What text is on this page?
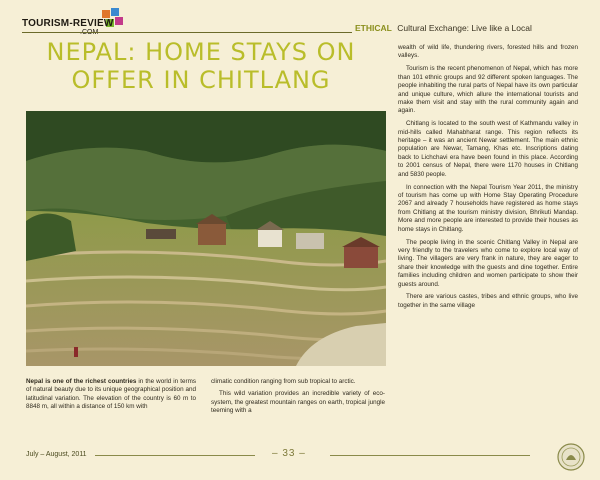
TOURISM-REVIEW	ETHICAL Cultural Exchange: Live like a Local
NEPAL: HOME STAYS ON OFFER IN CHITLANG

Nepal is one of the richest countries in the world in terms of natural beauty due to its unique geographical position and latitudinal variation. The elevation of the country is 60 m to 8848 m, all within a distance of 150 km with

climatic condition ranging from sub tropical to arctic.

This wild variation provides an incredible variety of eco-system, the greatest mountain ranges on earth, tropical jungle teeming with a

wealth of wild life, thundering rivers, forested hills and frozen valleys.

Tourism is the recent phenomenon of Nepal, which has more than 101 ethnic groups and 92 different spoken languages. The people inhabiting the rural parts of Nepal have its own particular and unique culture, which allure the international tourists and make them visit and stay with the rural community again and again.

Chitlang is located to the south west of Kathmandu valley in mid-hills called Mahabharat range. This region reflects its heritage – it was an ancient Newar settlement. The main ethnic population are Newar, Tamang, Khas etc. Inscriptions dating back to Lichchavi era have been found in this place. According to 2001 census of Nepal, there were 1170 houses in Chitlang and 5830 people.

In connection with the Nepal Tourism Year 2011, the ministry of tourism has come up with Home Stay Operating Procedure 2067 and already 7 households have registered as home stays from Chitlang at the tourism ministry division, Bhrikuti Mandap. More and more people are interested to provide their houses as home stays in Chitlang.

The people living in the scenic Chitlang Valley in Nepal are very friendly to the travelers who come to explore local way of living. The villagers are very frank in nature, they are eager to share their knowledge with the guests and dine together. Entire families including children and women participate to show their guests around.

There are various castes, tribes and ethnic groups, who live together in the same village

July – August, 2011	– 33 –
